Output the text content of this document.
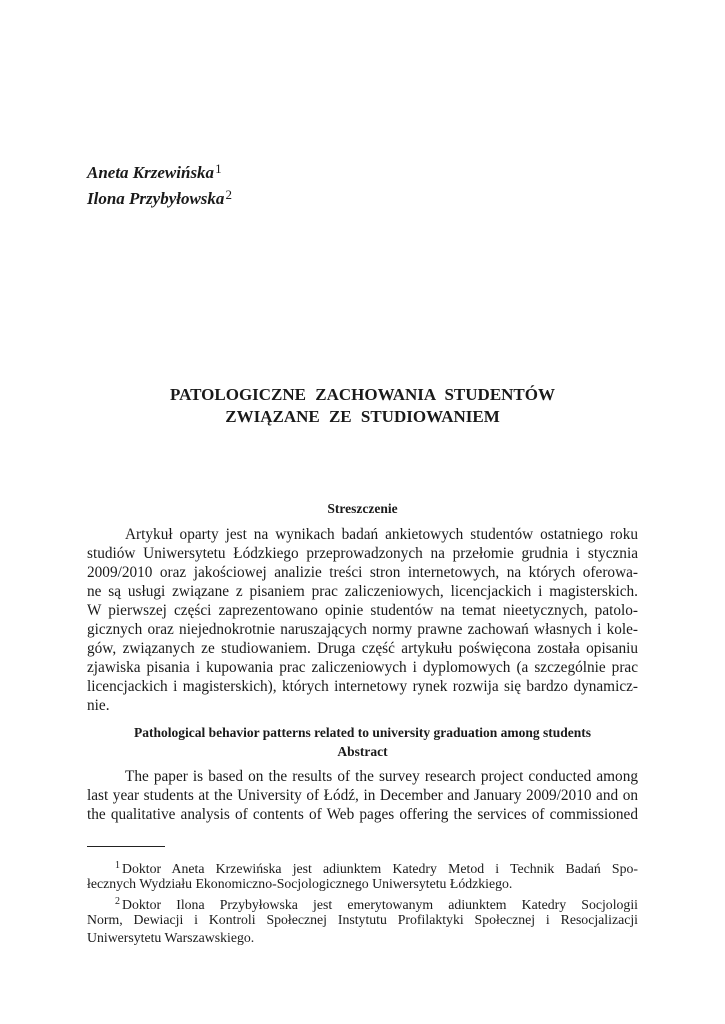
Aneta Krzewińska$^1$
Ilona Przybyłowska$^2$
PATOLOGICZNE ZACHOWANIA STUDENTÓW
ZWIĄZANE ZE STUDIOWANIEM
Streszczenie
Artykuł oparty jest na wynikach badań ankietowych studentów ostatniego roku
studiów Uniwersytetu Łódzkiego przeprowadzonych na przełomie grudnia i stycznia
2009/2010 oraz jakościowej analizie treści stron internetowych, na których oferowa-
ne są usługi związane z pisaniem prac zaliczeniowych, licencjackich i magisterskich.
W pierwszej części zaprezentowano opinie studentów na temat nieetycznych, patolo-
gicznych oraz niejednokrotnie naruszających normy prawne zachowań własnych i kole-
gów, związanych ze studiowaniem. Druga część artykułu poświęcona została opisaniu
zjawiska pisania i kupowania prac zaliczeniowych i dyplomowych (a szczególnie prac
licencjackich i magisterskich), których internetowy rynek rozwija się bardzo dynamicz-
nie.
Pathological behavior patterns related to university graduation among students
Abstract
The paper is based on the results of the survey research project conducted among
last year students at the University of Łódź, in December and January 2009/2010 and on
the qualitative analysis of contents of Web pages offering the services of commissioned
$^1$ Doktor Aneta Krzewińska jest adiunktem Katedry Metod i Technik Badań Spo-
łecznych Wydziału Ekonomiczno-Socjologicznego Uniwersytetu Łódzkiego.
$^2$ Doktor Ilona Przybyłowska jest emerytowanym adiunktem Katedry Socjologii
Norm, Dewiacji i Kontroli Społecznej Instytutu Profilaktyki Społecznej i Resocjalizacji
Uniwersytetu Warszawskiego.
